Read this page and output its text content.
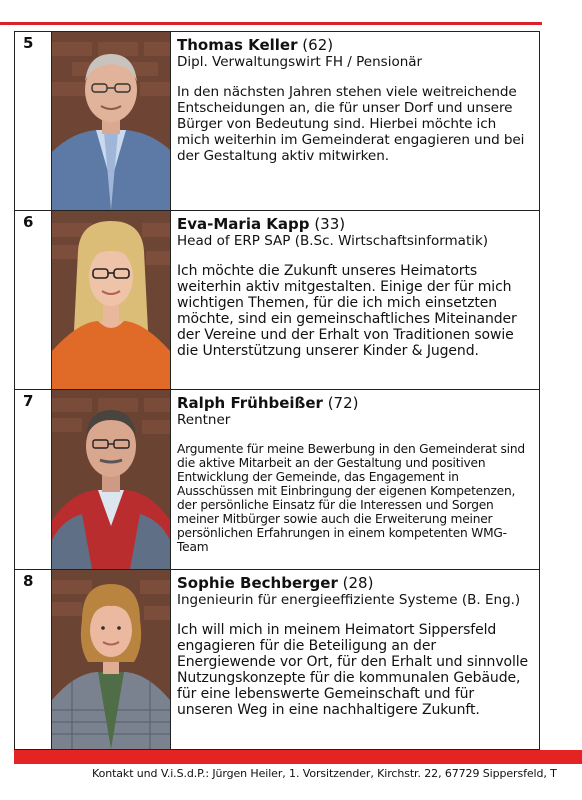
5		Thomas Keller (62)
Dipl. Verwaltungswirt FH / Pensionär
In den nächsten Jahren stehen viele weitreichende Entscheidungen an, die für unser Dorf und unsere Bürger von Bedeutung sind. Hierbei möchte ich mich weiterhin im Gemeinderat engagieren und bei der Gestaltung aktiv mitwirken.

6		Eva-Maria Kapp (33)
Head of ERP SAP (B.Sc. Wirtschaftsinformatik)
Ich möchte die Zukunft unseres Heimatorts weiterhin aktiv mitgestalten. Einige der für mich wichtigen Themen, für die ich mich einsetzten möchte, sind ein gemeinschaftliches Miteinander der Vereine und der Erhalt von Traditionen sowie die Unterstützung unserer Kinder & Jugend.

7		Ralph Frühbeißer (72)
Rentner
Argumente für meine Bewerbung in den Gemeinderat sind die aktive Mitarbeit an der Gestaltung und positiven Entwicklung der Gemeinde, das Engagement in Ausschüssen mit Einbringung der eigenen Kompetenzen, der persönliche Einsatz für die Interessen und Sorgen meiner Mitbürger sowie auch die Erweiterung meiner persönlichen Erfahrungen in einem kompetenten WMG-Team

8		Sophie Bechberger (28)
Ingenieurin für energieeffiziente Systeme (B. Eng.)
Ich will mich in meinem Heimatort Sippersfeld engagieren für die Beteiligung an der Energiewende vor Ort, für den Erhalt und sinnvolle Nutzungskonzepte für die kommunalen Gebäude, für eine lebenswerte Gemeinschaft und für unseren Weg in eine nachhaltigere Zukunft.
Kontakt und V.i.S.d.P.: Jürgen Heiler, 1. Vorsitzender, Kirchstr. 22, 67729 Sippersfeld, T
